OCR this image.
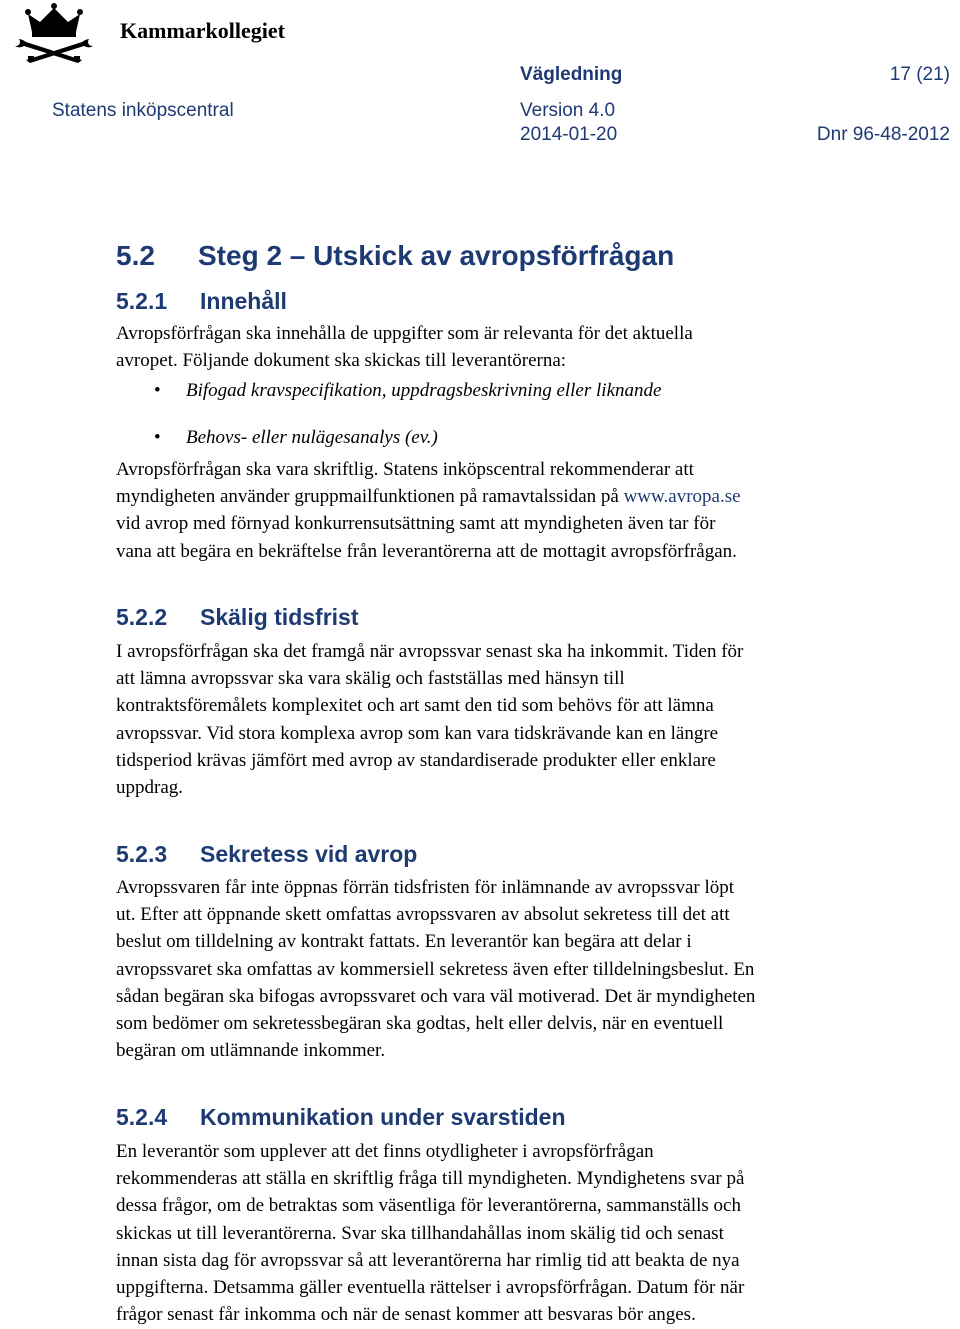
Kammarkollegiet
Vägledning	17 (21)
Statens inköpscentral	Version 4.0
2014-01-20	Dnr 96-48-2012
5.2 Steg 2 – Utskick av avropsförfrågan
5.2.1 Innehåll
Avropsförfrågan ska innehålla de uppgifter som är relevanta för det aktuella
avropet. Följande dokument ska skickas till leverantörerna:
• Bifogad kravspecifikation, uppdragsbeskrivning eller liknande
• Behovs- eller nulägesanalys (ev.)
Avropsförfrågan ska vara skriftlig. Statens inköpscentral rekommenderar att
myndigheten använder gruppmailfunktionen på ramavtalssidan på www.avropa.se
vid avrop med förnyad konkurrensutsättning samt att myndigheten även tar för
vana att begära en bekräftelse från leverantörerna att de mottagit avropsförfrågan.
5.2.2 Skälig tidsfrist
I avropsförfrågan ska det framgå när avropssvar senast ska ha inkommit. Tiden för
att lämna avropssvar ska vara skälig och fastställas med hänsyn till
kontraktsföremålets komplexitet och art samt den tid som behövs för att lämna
avropssvar. Vid stora komplexa avrop som kan vara tidskrävande kan en längre
tidsperiod krävas jämfört med avrop av standardiserade produkter eller enklare
uppdrag.
5.2.3 Sekretess vid avrop
Avropssvaren får inte öppnas förrän tidsfristen för inlämnande av avropssvar löpt
ut. Efter att öppnande skett omfattas avropssvaren av absolut sekretess till det att
beslut om tilldelning av kontrakt fattats. En leverantör kan begära att delar i
avropssvaret ska omfattas av kommersiell sekretess även efter tilldelningsbeslut. En
sådan begäran ska bifogas avropssvaret och vara väl motiverad. Det är myndigheten
som bedömer om sekretessbegäran ska godtas, helt eller delvis, när en eventuell
begäran om utlämnande inkommer.
5.2.4 Kommunikation under svarstiden
En leverantör som upplever att det finns otydligheter i avropsförfrågan
rekommenderas att ställa en skriftlig fråga till myndigheten. Myndighetens svar på
dessa frågor, om de betraktas som väsentliga för leverantörerna, sammanställs och
skickas ut till leverantörerna. Svar ska tillhandahållas inom skälig tid och senast
innan sista dag för avropssvar så att leverantörerna har rimlig tid att beakta de nya
uppgifterna. Detsamma gäller eventuella rättelser i avropsförfrågan. Datum för när
frågor senast får inkomma och när de senast kommer att besvaras bör anges.
